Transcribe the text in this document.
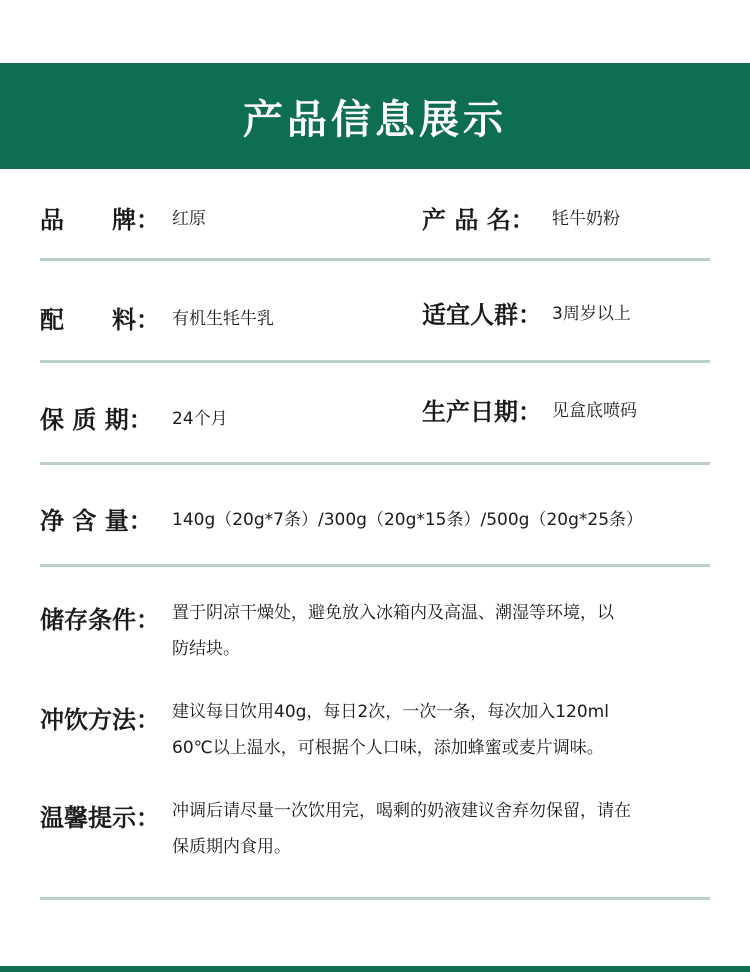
产品信息展示
品　　牌： 红原	产 品 名： 牦牛奶粉
配　　料： 有机生牦牛乳	适宜人群： 3周岁以上
保 质 期： 24个月	生产日期： 见盒底喷码
净 含 量： 140g（20g*7条）/300g（20g*15条）/500g（20g*25条）
储存条件： 置于阴凉干燥处，避免放入冰箱内及高温、潮湿等环境，以
防结块。
冲饮方法： 建议每日饮用40g，每日2次，一次一条，每次加入120ml
60℃以上温水，可根据个人口味，添加蜂蜜或麦片调味。
温馨提示： 冲调后请尽量一次饮用完，喝剩的奶液建议舍弃勿保留，请在
保质期内食用。
